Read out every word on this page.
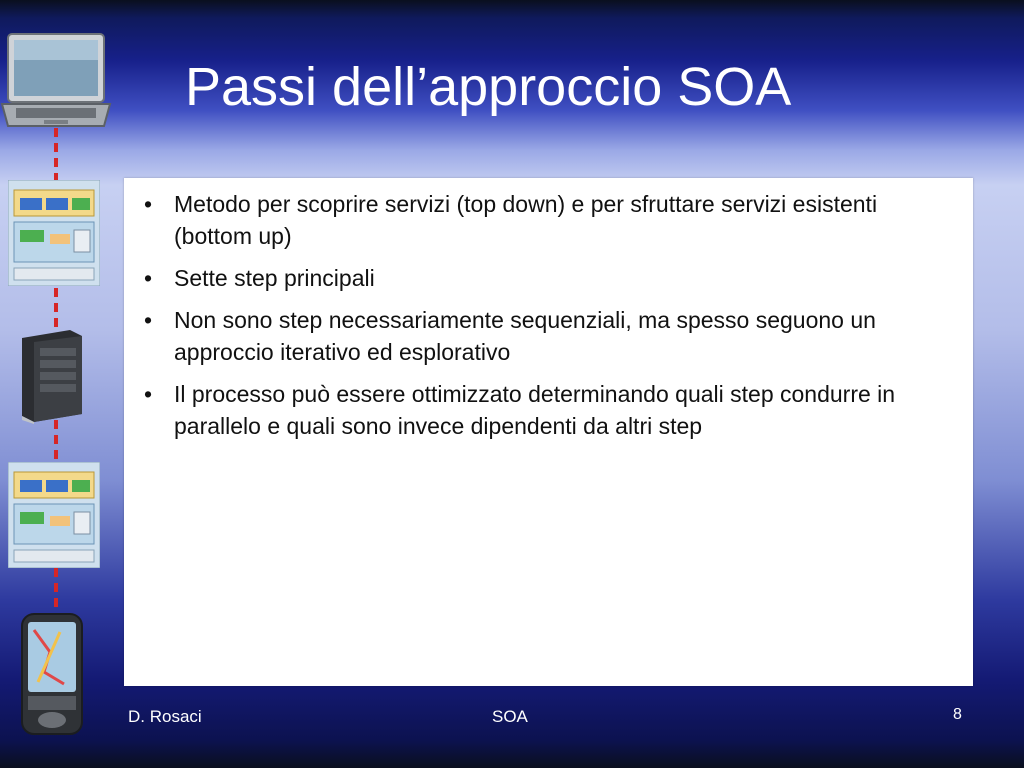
Passi dell’approccio SOA
• Metodo per scoprire servizi (top down) e per sfruttare servizi esistenti (bottom up)
• Sette step principali
• Non sono step necessariamente sequenziali, ma spesso seguono un approccio iterativo ed esplorativo
• Il processo può essere ottimizzato determinando quali step condurre in parallelo e quali sono invece dipendenti da altri step
D. Rosaci	SOA	8
